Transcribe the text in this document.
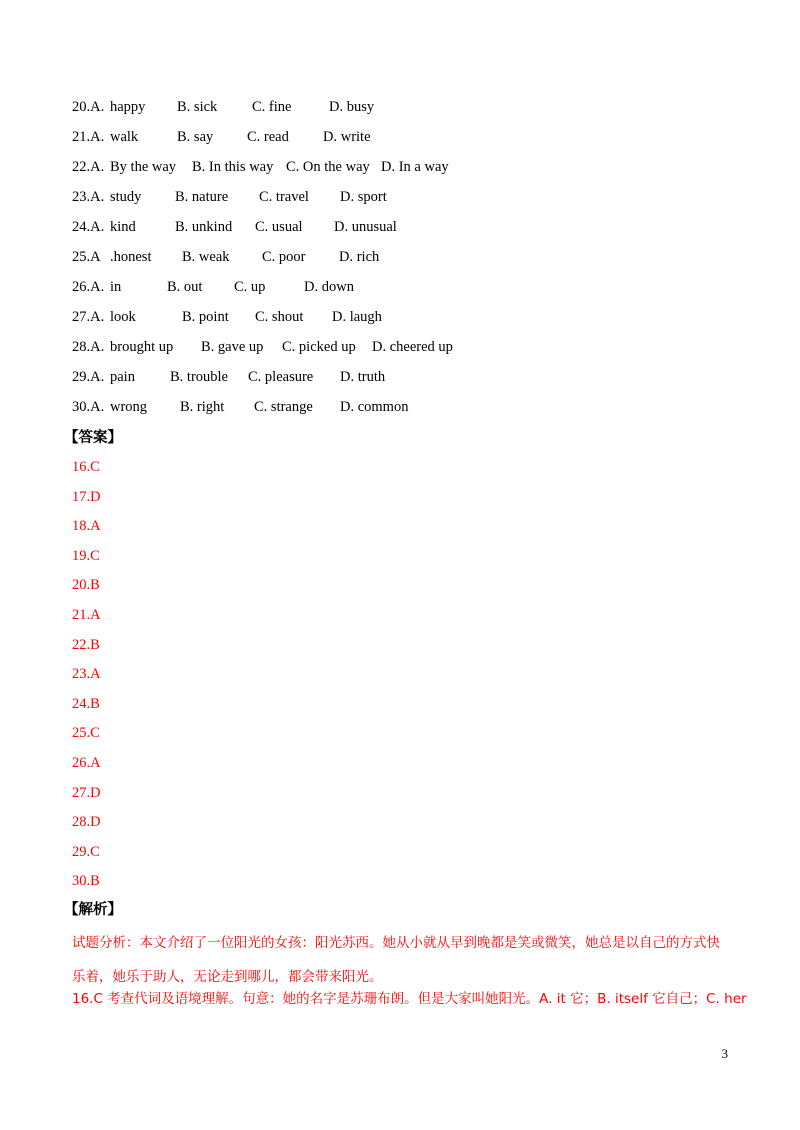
20.A. happy B. sick C. fine	D. busy
21.A. walk	B. say C. read D. write
22.A. By the way B. In this way C. On the way D. In a way
23.A. study B. nature C. travel D. sport
24.A. kind	B. unkind C. usual D. unusual
25.A .honest B. weak C. poor D. rich
26.A. in	B. out C. up	D. down
27.A. look	B. point C. shout D. laugh
28.A. brought up B. gave up C. picked up D. cheered up
29.A. pain B. trouble C. pleasure D. truth
30.A. wrong B. right C. strange D. common
【答案】
16.C
17.D
18.A
19.C
20.B
21.A
22.B
23.A
24.B
25.C
26.A
27.D
28.D
29.C
30.B
【解析】
试题分析：本文介绍了一位阳光的女孩：阳光苏西。她从小就从早到晚都是笑或微笑，她总是以自己的方式快乐着，她乐于助人，无论走到哪儿，都会带来阳光。
16.C 考查代词及语境理解。句意：她的名字是苏珊布朗。但是大家叫她阳光。A. it 它；B. itself 它自己；C. her
3
